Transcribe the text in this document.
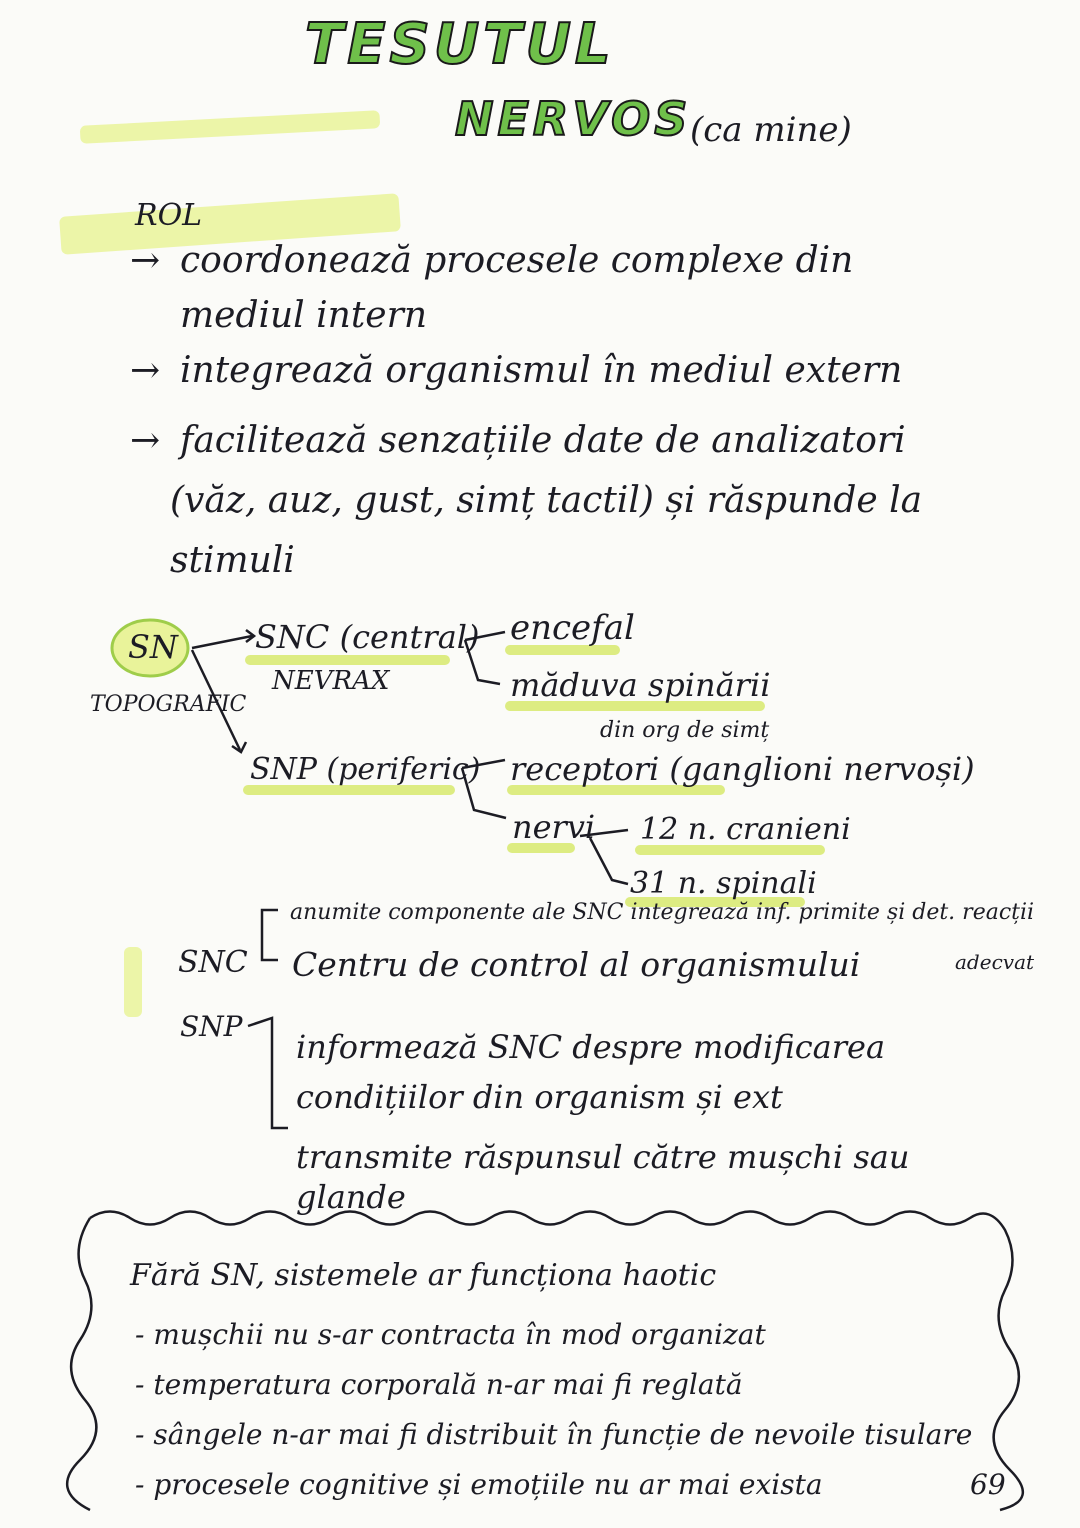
TESUTUL
NERVOS
(ca mine)
ROL
→ coordonează procesele complexe din
mediul intern
→ integrează organismul în mediul extern
→ facilitează senzațiile date de analizatori
(văz, auz, gust, simț tactil) și răspunde la
stimuli
SN
TOPOGRAFIC
SNC (central)
NEVRAX
encefal
măduva spinării
SNP (periferic)
din org de simț
receptori (ganglioni nervoși)
nervi 12 n. cranieni
31 n. spinali
anumite componente ale SNC integrează inf. primite și det. reacții
adecvat
SNC Centru de control al organismului
SNP
informează SNC despre modificarea
condițiilor din organism și ext
transmite răspunsul către mușchi sau
glande
Fără SN, sistemele ar funcționa haotic
- mușchii nu s-ar contracta în mod organizat
- temperatura corporală n-ar mai fi reglată
- sângele n-ar mai fi distribuit în funcție de nevoile tisulare
- procesele cognitive și emoțiile nu ar mai exista	69
